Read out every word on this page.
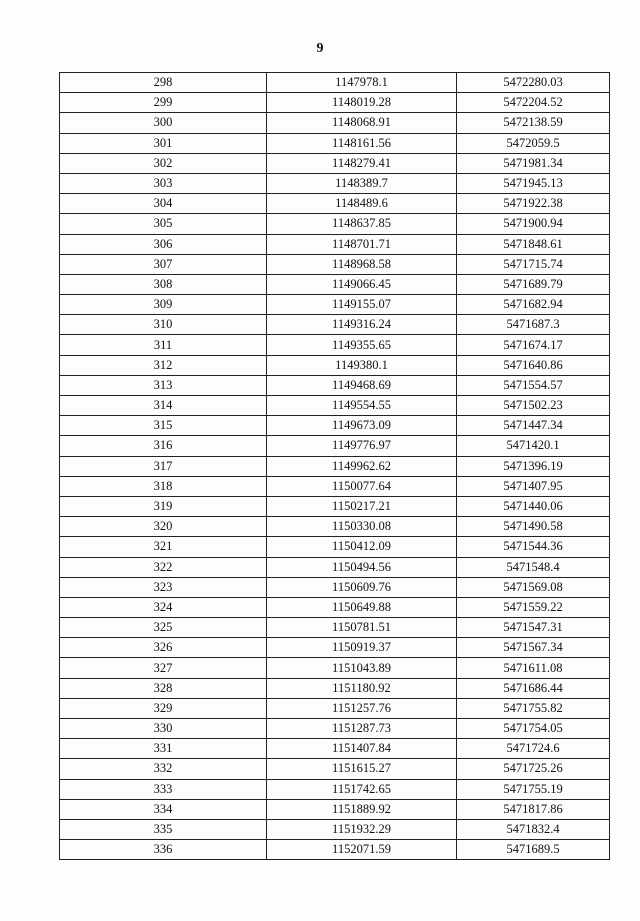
9
298	1147978.1	5472280.03
299	1148019.28	5472204.52
300	1148068.91	5472138.59
301	1148161.56	5472059.5
302	1148279.41	5471981.34
303	1148389.7	5471945.13
304	1148489.6	5471922.38
305	1148637.85	5471900.94
306	1148701.71	5471848.61
307	1148968.58	5471715.74
308	1149066.45	5471689.79
309	1149155.07	5471682.94
310	1149316.24	5471687.3
311	1149355.65	5471674.17
312	1149380.1	5471640.86
313	1149468.69	5471554.57
314	1149554.55	5471502.23
315	1149673.09	5471447.34
316	1149776.97	5471420.1
317	1149962.62	5471396.19
318	1150077.64	5471407.95
319	1150217.21	5471440.06
320	1150330.08	5471490.58
321	1150412.09	5471544.36
322	1150494.56	5471548.4
323	1150609.76	5471569.08
324	1150649.88	5471559.22
325	1150781.51	5471547.31
326	1150919.37	5471567.34
327	1151043.89	5471611.08
328	1151180.92	5471686.44
329	1151257.76	5471755.82
330	1151287.73	5471754.05
331	1151407.84	5471724.6
332	1151615.27	5471725.26
333	1151742.65	5471755.19
334	1151889.92	5471817.86
335	1151932.29	5471832.4
336	1152071.59	5471689.5
